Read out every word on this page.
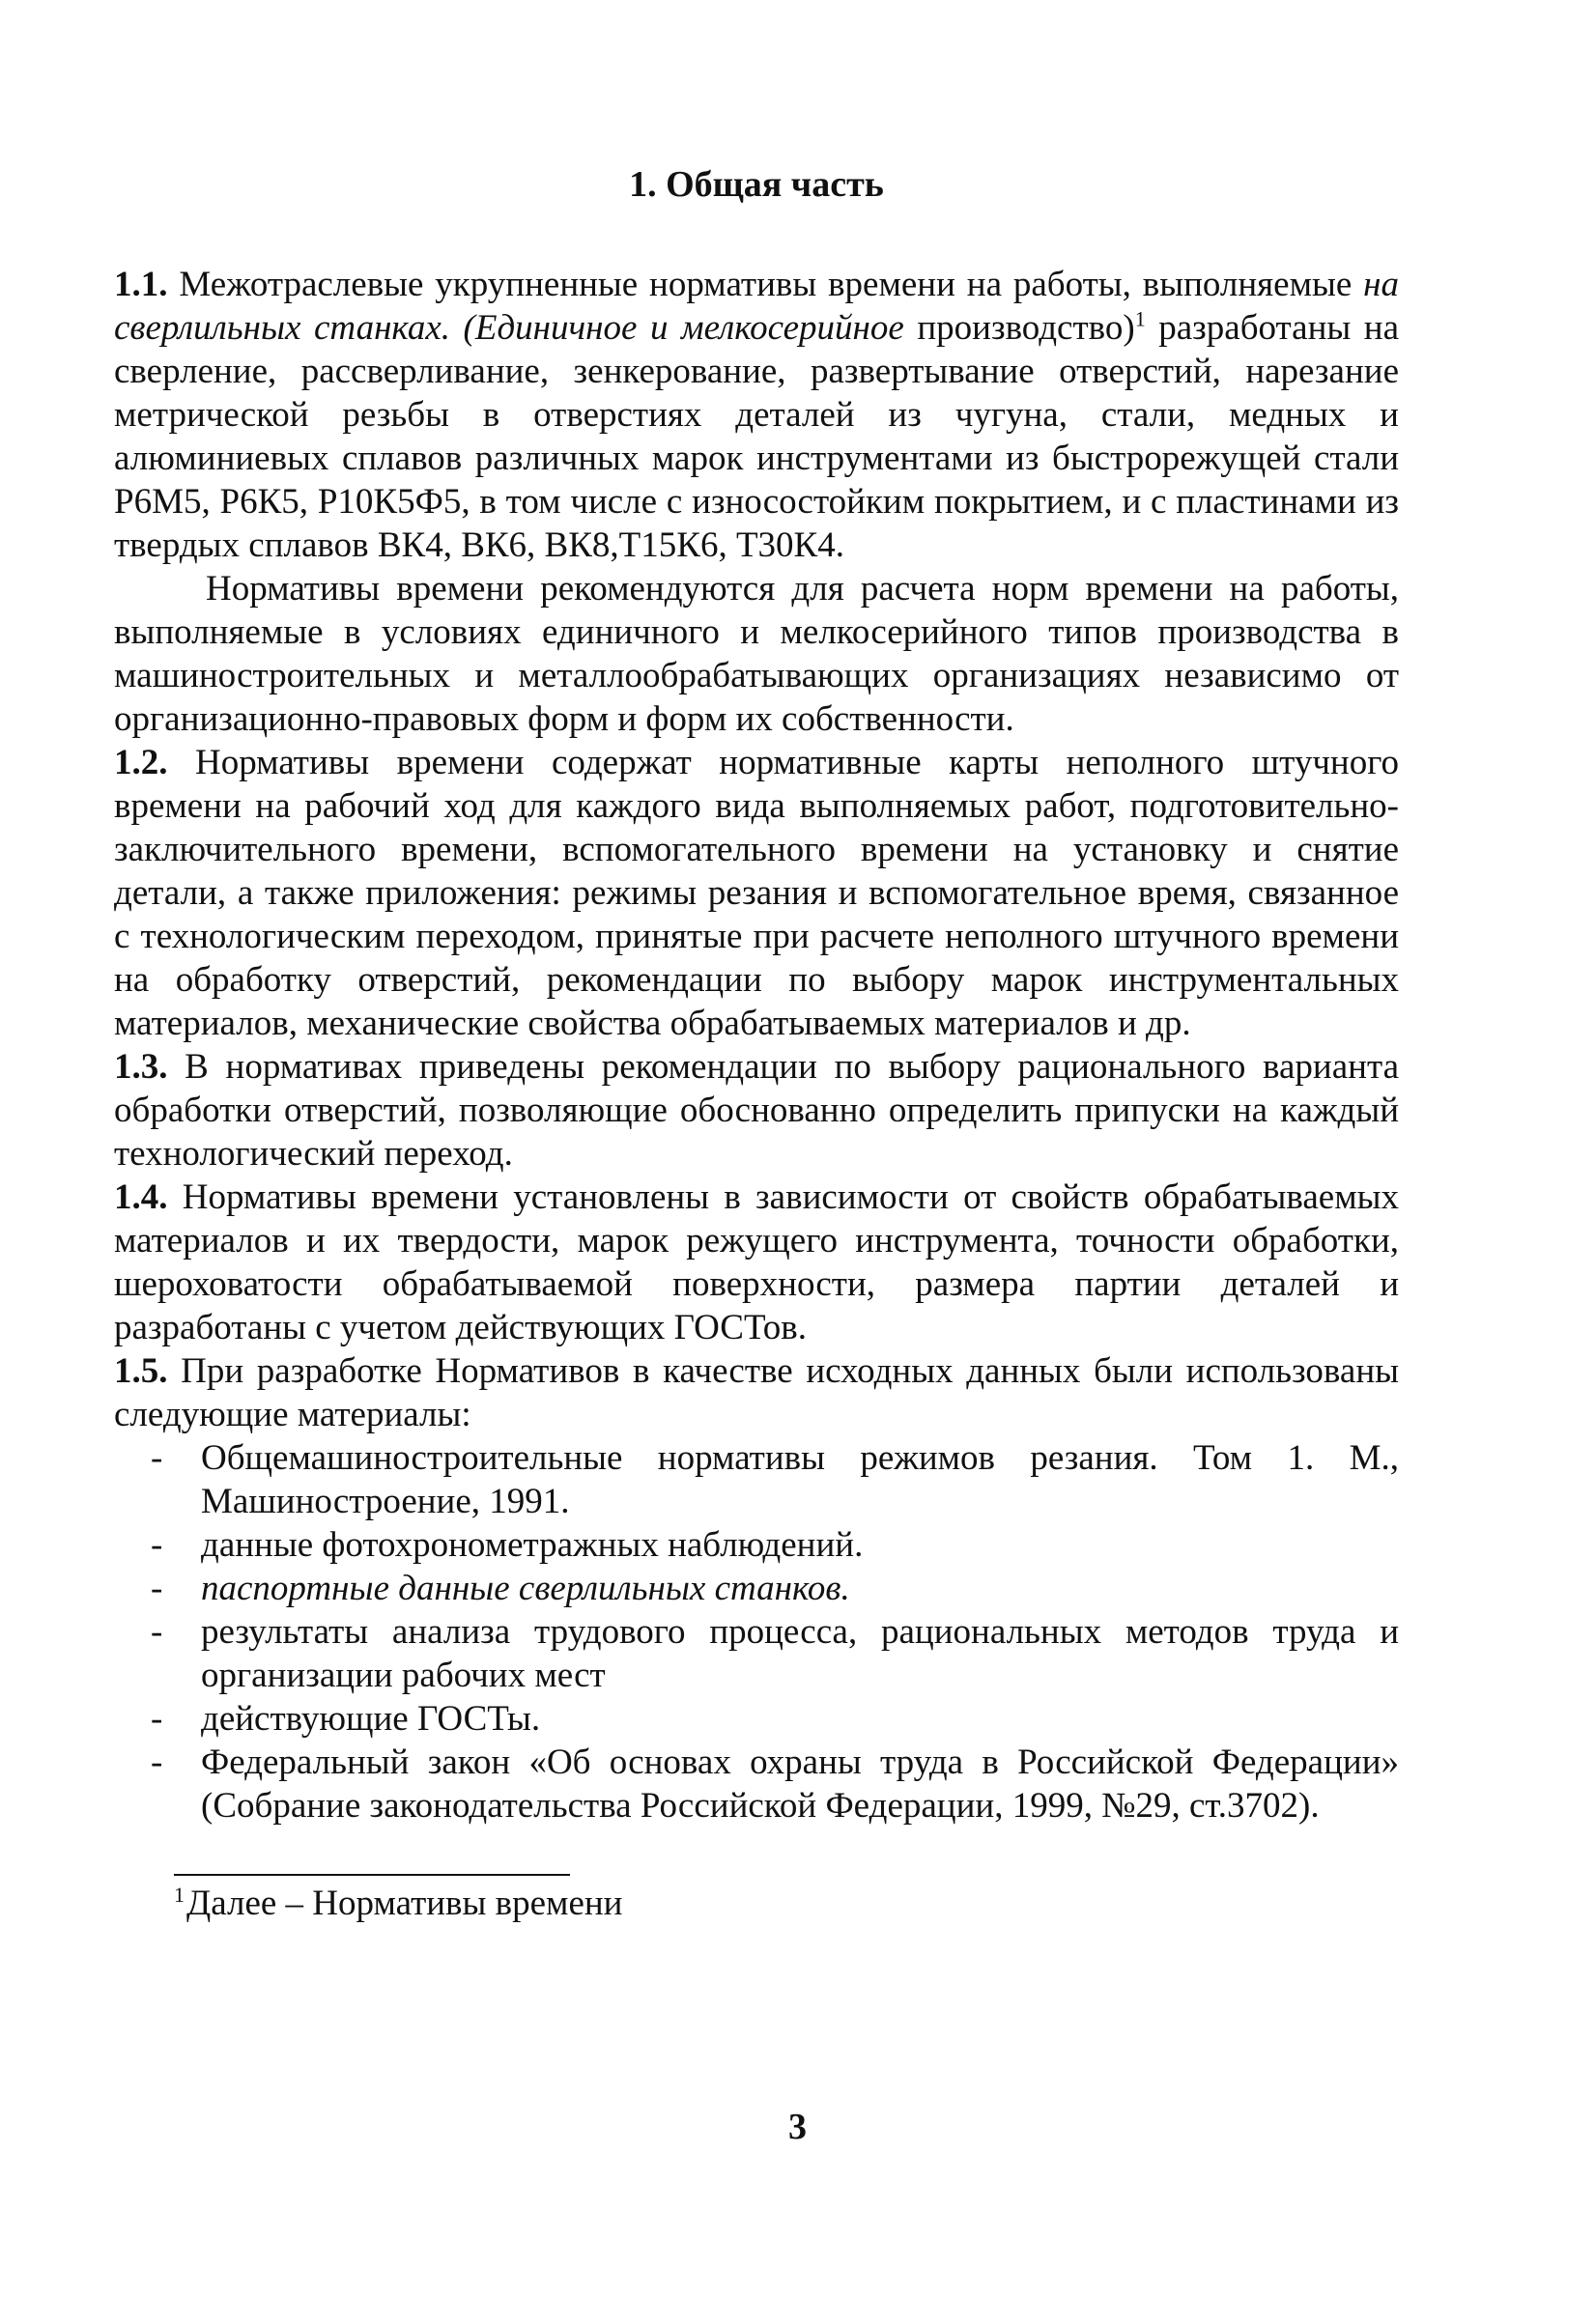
1. Общая часть

1.1. Межотраслевые укрупненные нормативы времени на работы, выполняемые на сверлильных станках. (Единичное и мелкосерийное производство)$^1$ разработаны на сверление, рассверливание, зенкерование, развертывание отверстий, нарезание метрической резьбы в отверстиях деталей из чугуна, стали, медных и алюминиевых сплавов различных марок инструментами из быстрорежущей стали Р6М5, Р6К5, Р10К5Ф5, в том числе с износостойким покрытием, и с пластинами из твердых сплавов ВК4, ВК6, ВК8,Т15К6, Т30К4.

Нормативы времени рекомендуются для расчета норм времени на работы, выполняемые в условиях единичного и мелкосерийного типов производства в машиностроительных и металлообрабатывающих организациях независимо от организационно-правовых форм и форм их собственности.

1.2. Нормативы времени содержат нормативные карты неполного штучного времени на рабочий ход для каждого вида выполняемых работ, подготовительно-заключительного времени, вспомогательного времени на установку и снятие детали, а также приложения: режимы резания и вспомогательное время, связанное с технологическим переходом, принятые при расчете неполного штучного времени на обработку отверстий, рекомендации по выбору марок инструментальных материалов, механические свойства обрабатываемых материалов и др.

1.3. В нормативах приведены рекомендации по выбору рационального варианта обработки отверстий, позволяющие обоснованно определить припуски на каждый технологический переход.

1.4. Нормативы времени установлены в зависимости от свойств обрабатываемых материалов и их твердости, марок режущего инструмента, точности обработки, шероховатости обрабатываемой поверхности, размера партии деталей и разработаны с учетом действующих ГОСТов.

1.5. При разработке Нормативов в качестве исходных данных были использованы следующие материалы:

- Общемашиностроительные нормативы режимов резания. Том 1. М., Машиностроение, 1991.
- данные фотохронометражных наблюдений.
- паспортные данные сверлильных станков.
- результаты анализа трудового процесса, рациональных методов труда и организации рабочих мест
- действующие ГОСТы.
- Федеральный закон «Об основах охраны труда в Российской Федерации» (Собрание законодательства Российской Федерации, 1999, №29, ст.3702).
$^1$Далее – Нормативы времени
3
